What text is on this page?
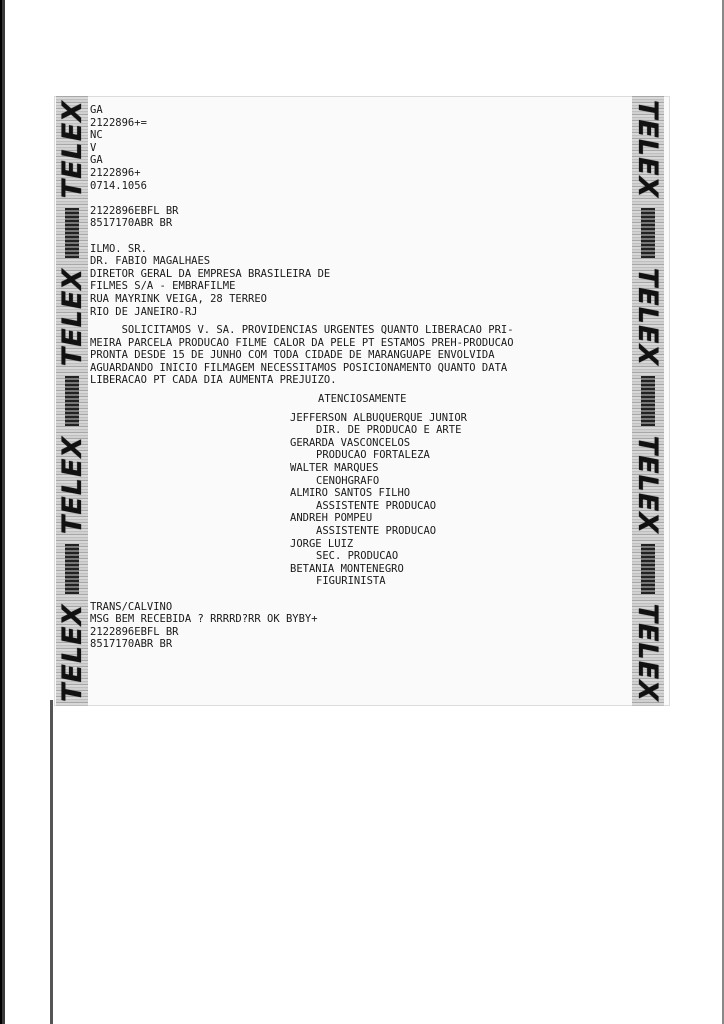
TELEX
TELEX
TELEX
TELEX	TELEX
TELEX
TELEX
TELEX
GA
2122896+=
NC
V
GA
2122896+
0714.1056
2122896EBFL BR
8517170ABR BR
ILMO. SR.
DR. FABIO MAGALHAES
DIRETOR GERAL DA EMPRESA BRASILEIRA DE
FILMES S/A - EMBRAFILME
RUA MAYRINK VEIGA, 28 TERREO
RIO DE JANEIRO-RJ
SOLICITAMOS V. SA. PROVIDENCIAS URGENTES QUANTO LIBERACAO PRI-
MEIRA PARCELA PRODUCAO FILME CALOR DA PELE PT ESTAMOS PREH-PRODUCAO
PRONTA DESDE 15 DE JUNHO COM TODA CIDADE DE MARANGUAPE ENVOLVIDA
AGUARDANDO INICIO FILMAGEM NECESSITAMOS POSICIONAMENTO QUANTO DATA
LIBERACAO PT CADA DIA AUMENTA PREJUIZO.
ATENCIOSAMENTE
JEFFERSON ALBUQUERQUE JUNIOR
DIR. DE PRODUCAO E ARTE
GERARDA VASCONCELOS
PRODUCAO FORTALEZA
WALTER MARQUES
CENOHGRAFO
ALMIRO SANTOS FILHO
ASSISTENTE PRODUCAO
ANDREH POMPEU
ASSISTENTE PRODUCAO
JORGE LUIZ
SEC. PRODUCAO
BETANIA MONTENEGRO
FIGURINISTA
TRANS/CALVINO
MSG BEM RECEBIDA ? RRRRD?RR OK BYBY+
2122896EBFL BR
8517170ABR BR
